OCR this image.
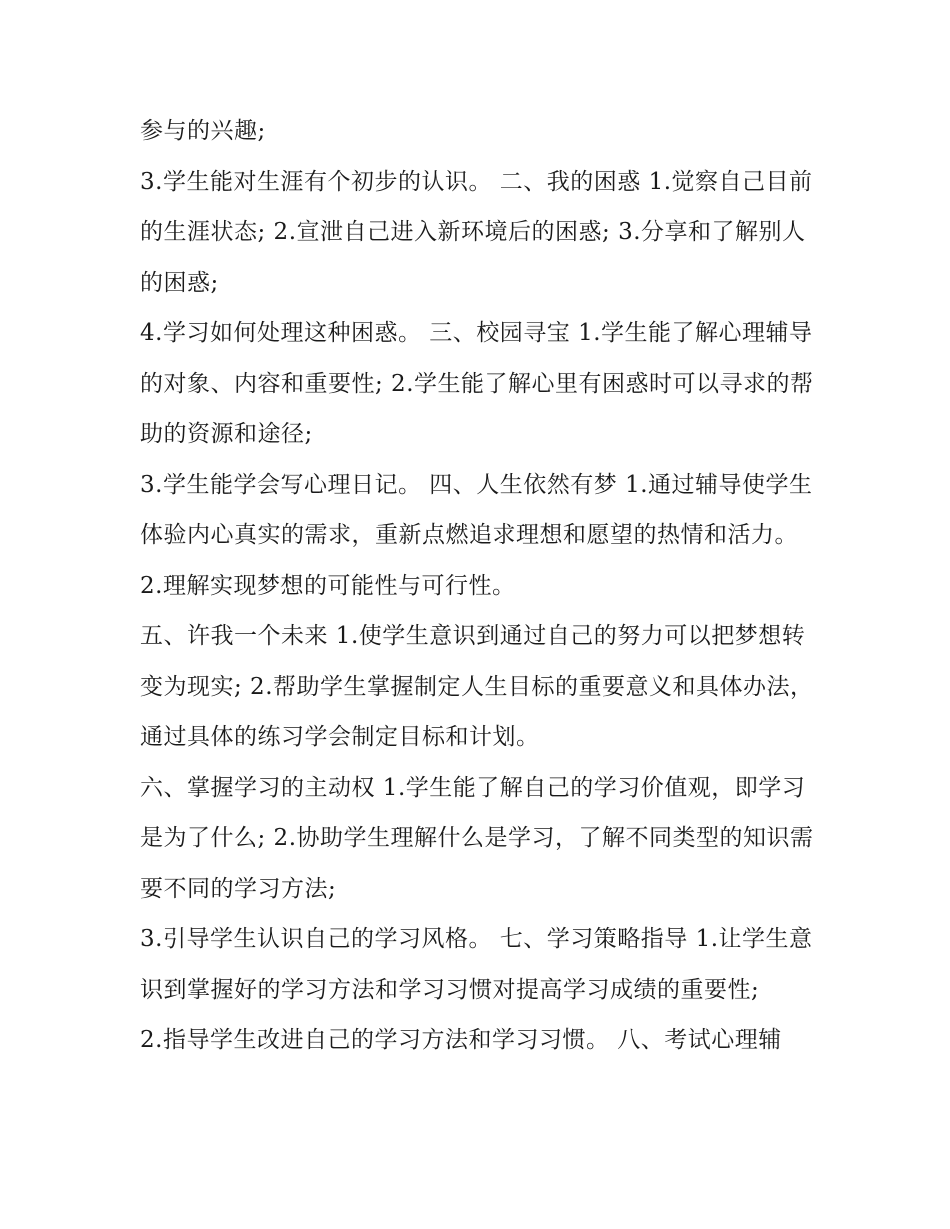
参与的兴趣;

3.学生能对生涯有个初步的认识。 二、我的困惑 1.觉察自己目前的生涯状态; 2.宣泄自己进入新环境后的困惑; 3.分享和了解别人的困惑;

4.学习如何处理这种困惑。 三、校园寻宝 1.学生能了解心理辅导的对象、内容和重要性; 2.学生能了解心里有困惑时可以寻求的帮助的资源和途径;

3.学生能学会写心理日记。 四、人生依然有梦 1.通过辅导使学生体验内心真实的需求，重新点燃追求理想和愿望的热情和活力。 2.理解实现梦想的可能性与可行性。

五、许我一个未来 1.使学生意识到通过自己的努力可以把梦想转变为现实; 2.帮助学生掌握制定人生目标的重要意义和具体办法，通过具体的练习学会制定目标和计划。

六、掌握学习的主动权 1.学生能了解自己的学习价值观，即学习是为了什么; 2.协助学生理解什么是学习，了解不同类型的知识需要不同的学习方法;

3.引导学生认识自己的学习风格。 七、学习策略指导 1.让学生意识到掌握好的学习方法和学习习惯对提高学习成绩的重要性;

2.指导学生改进自己的学习方法和学习习惯。 八、考试心理辅
